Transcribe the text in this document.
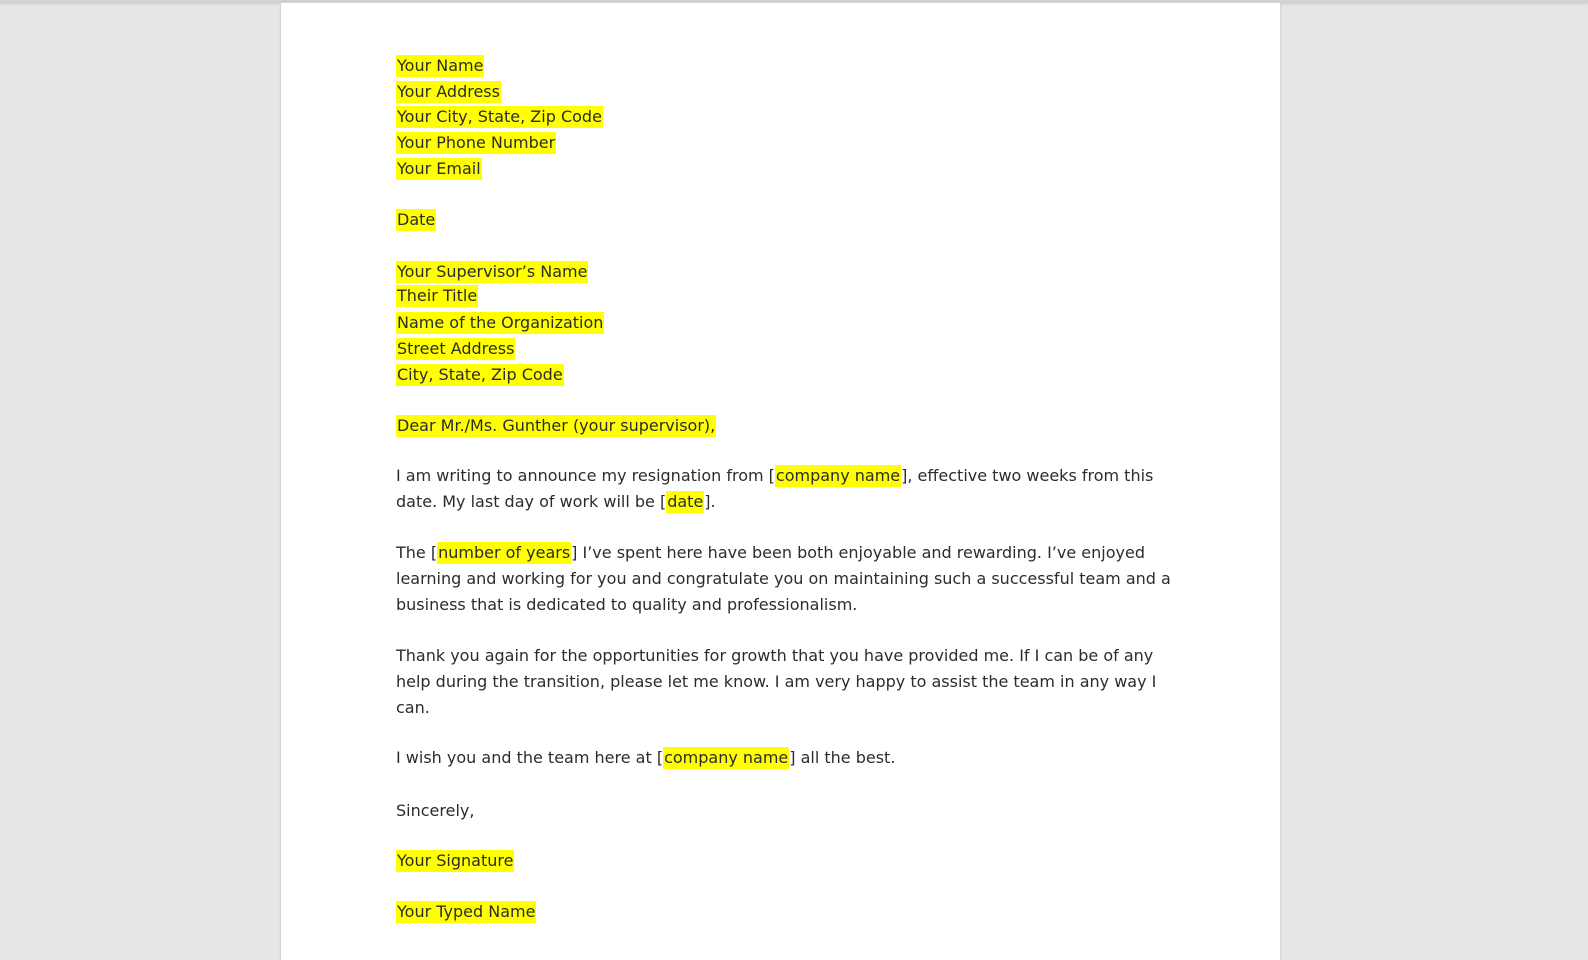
Your Name
Your Address
Your City, State, Zip Code
Your Phone Number
Your Email
Date
Your Supervisor’s Name
Their Title
Name of the Organization
Street Address
City, State, Zip Code
Dear Mr./Ms. Gunther (your supervisor),
I am writing to announce my resignation from [company name], effective two weeks from this
date. My last day of work will be [date].
The [number of years] I’ve spent here have been both enjoyable and rewarding. I’ve enjoyed
learning and working for you and congratulate you on maintaining such a successful team and a
business that is dedicated to quality and professionalism.
Thank you again for the opportunities for growth that you have provided me. If I can be of any
help during the transition, please let me know. I am very happy to assist the team in any way I
can.
I wish you and the team here at [company name] all the best.
Sincerely,
Your Signature
Your Typed Name
